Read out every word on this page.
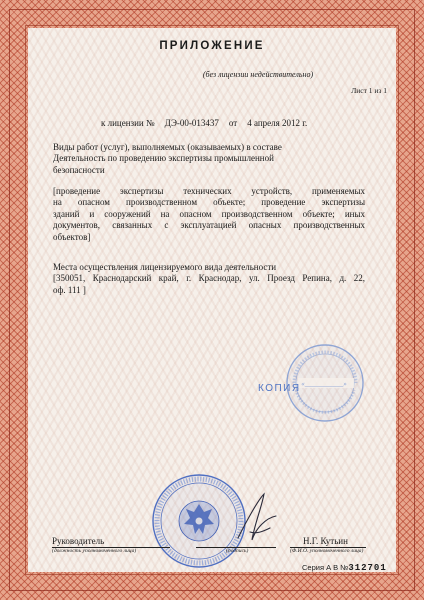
ПРИЛОЖЕНИЕ
(без лицензии недействительно)
Лист 1 из 1
к лицензии № ДЭ-00-013437 от 4 апреля 2012 г.
Виды работ (услуг), выполняемых (оказываемых) в составе
Деятельность по проведению экспертизы промышленной
безопасности
[проведение экспертизы технических устройств, применяемых
на опасном производственном объекте; проведение экспертизы
зданий и сооружений на опасном производственном объекте; иных
документов, связанных с эксплуатацией опасных производственных
объектов]
Места осуществления лицензируемого вида деятельности
[350051, Краснодарский край, г. Краснодар, ул. Проезд Репина, д. 22,
оф. 111 ]
«___________»
КОПИЯ
Руководитель
(должность уполномоченного лица)	(подпись)
Н.Г. Кутьин
(Ф.И.О. уполномоченного лица)
Серия А В №312701
